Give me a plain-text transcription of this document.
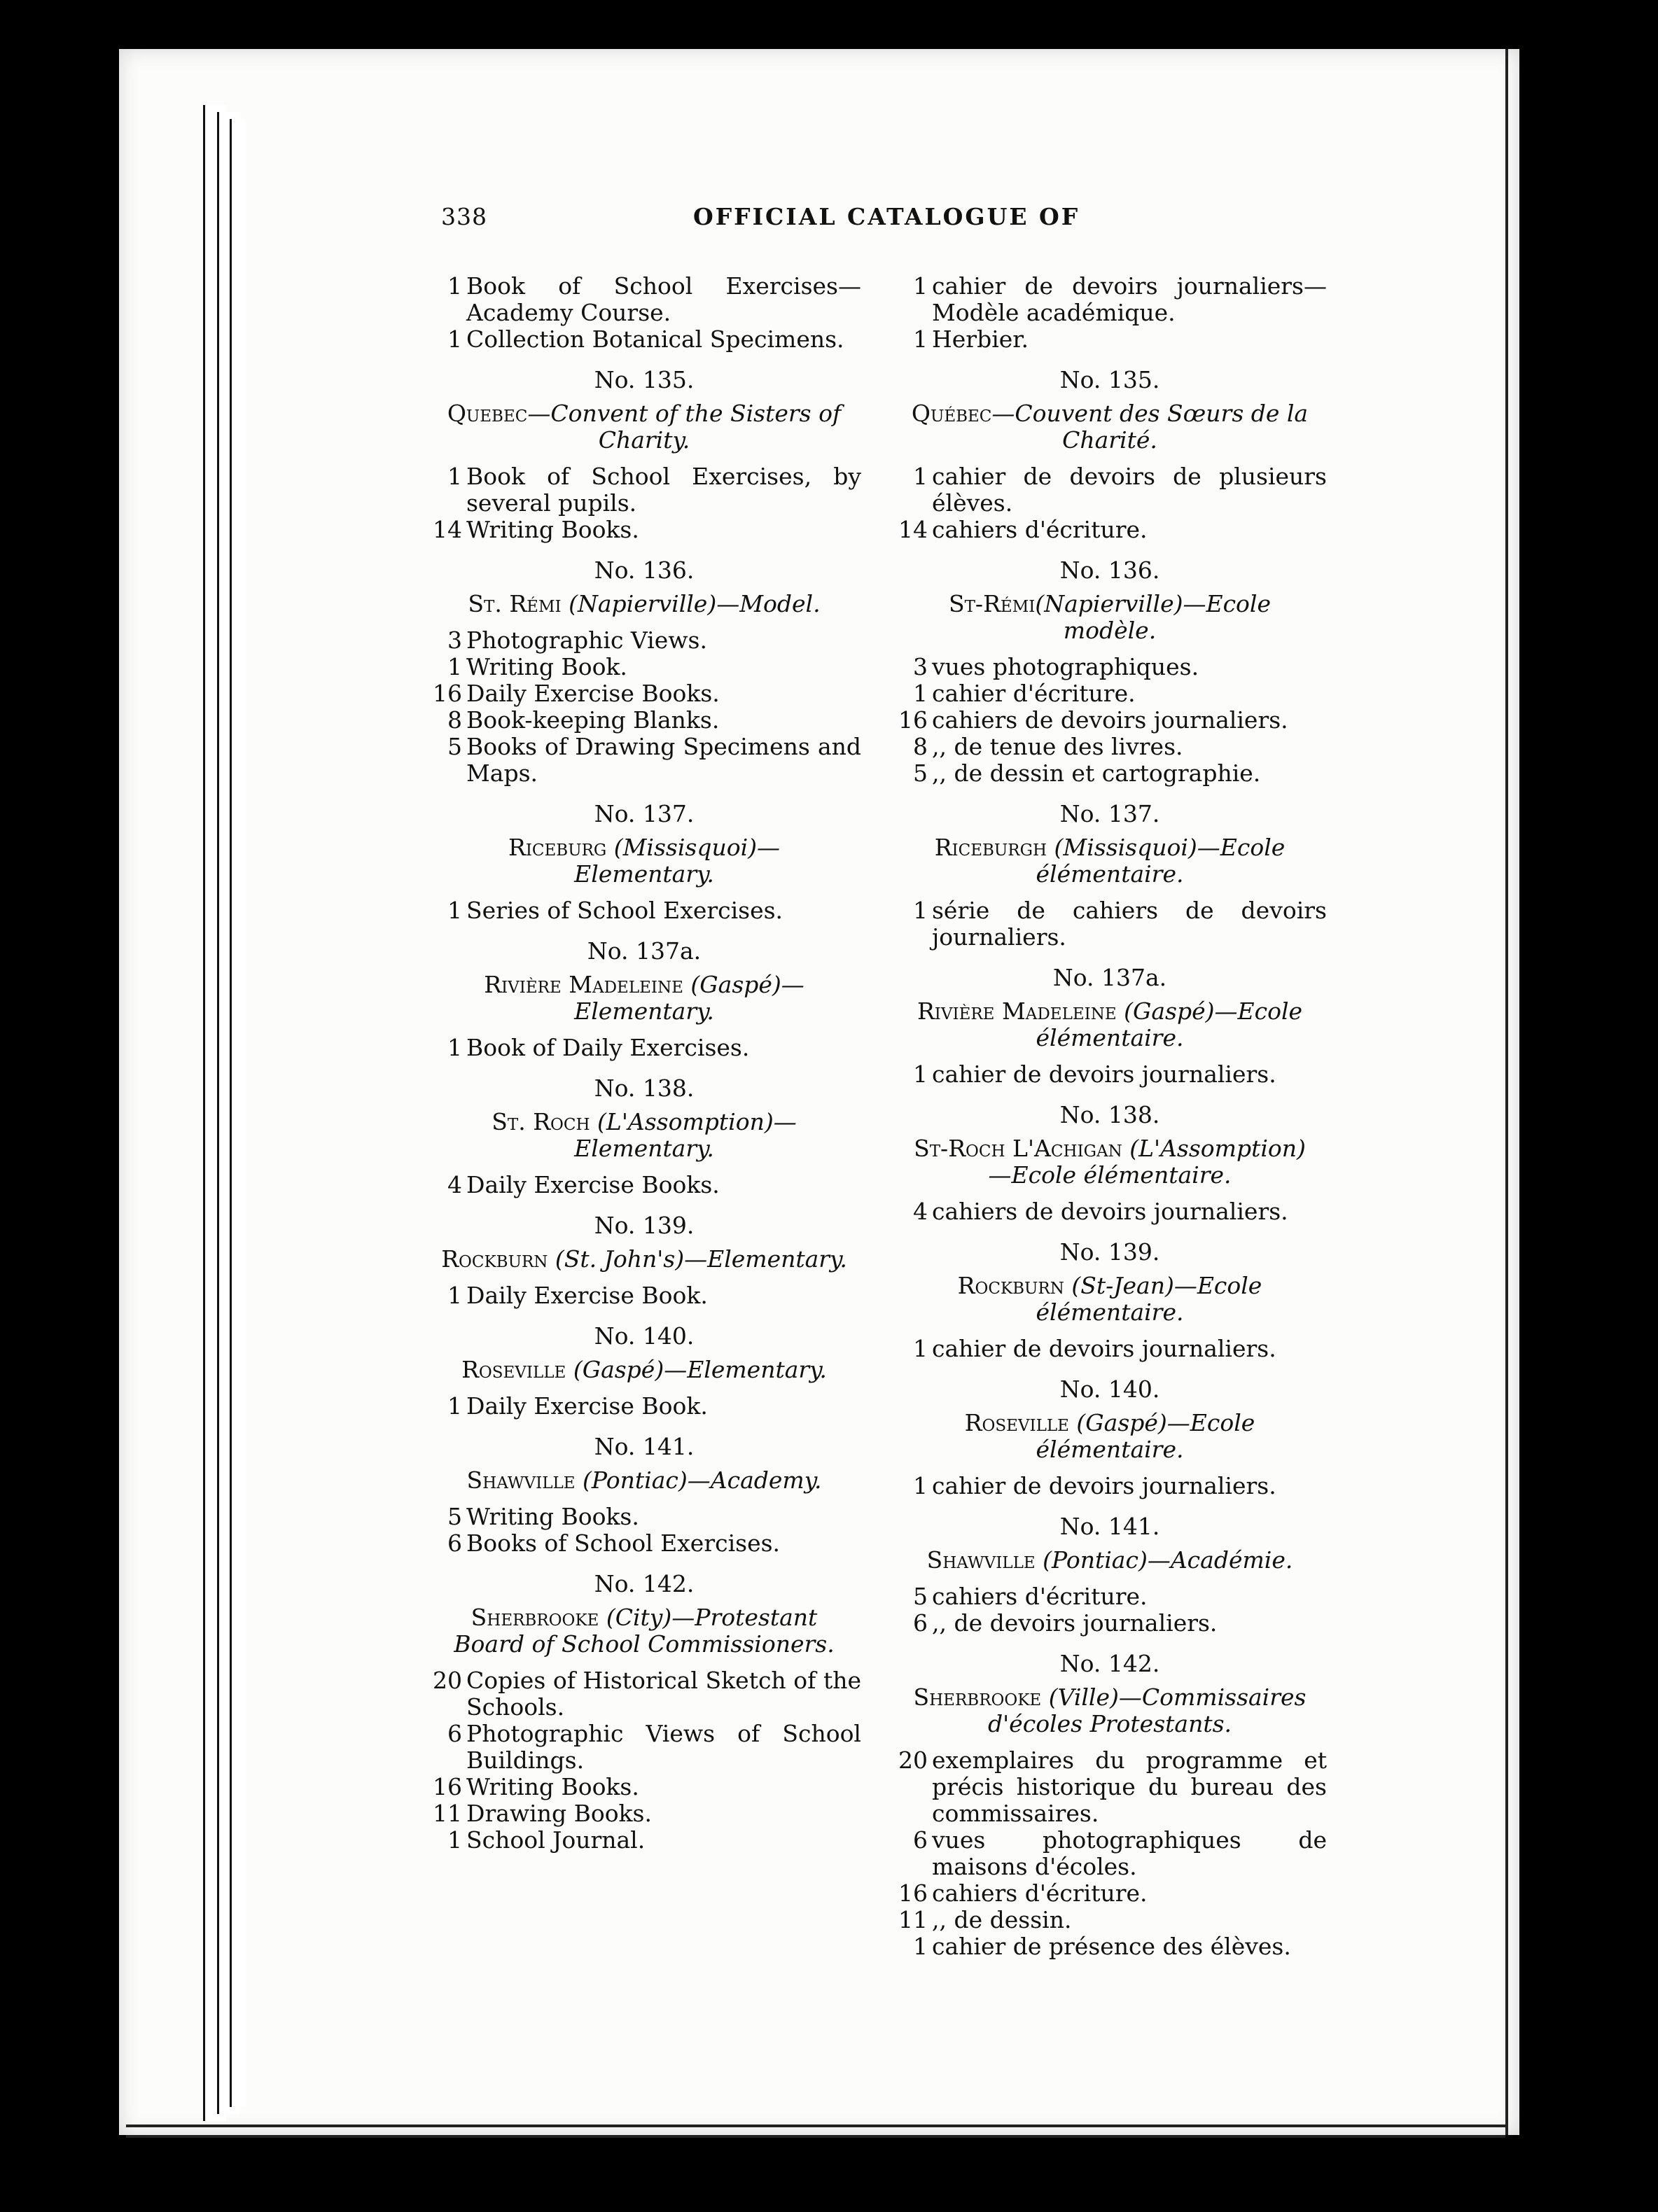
338	OFFICIAL CATALOGUE OF
1 Book of School Exercises—Academy Course.
1 Collection Botanical Specimens.
No. 135.
Quebec—Convent of the Sisters of Charity.
1 Book of School Exercises, by several pupils.
14 Writing Books.
No. 136.
St. Rémi (Napierville)—Model.
3 Photographic Views.
1 Writing Book.
16 Daily Exercise Books.
8 Book-keeping Blanks.
5 Books of Drawing Specimens and Maps.
No. 137.
Riceburg (Missisquoi)—Elementary.
1 Series of School Exercises.
No. 137a.
Rivière Madeleine (Gaspé)—Elementary.
1 Book of Daily Exercises.
No. 138.
St. Roch (L'Assomption)—Elementary.
4 Daily Exercise Books.
No. 139.
Rockburn (St. John's)—Elementary.
1 Daily Exercise Book.
No. 140.
Roseville (Gaspé)—Elementary.
1 Daily Exercise Book.
No. 141.
Shawville (Pontiac)—Academy.
5 Writing Books.
6 Books of School Exercises.
No. 142.
Sherbrooke (City)—Protestant Board of School Commissioners.
20 Copies of Historical Sketch of the Schools.
6 Photographic Views of School Buildings.
16 Writing Books.
11 Drawing Books.
1 School Journal.
1 cahier de devoirs journaliers—Modèle académique.
1 Herbier.
No. 135.
Québec—Couvent des Sœurs de la Charité.
1 cahier de devoirs de plusieurs élèves.
14 cahiers d'écriture.
No. 136.
St-Rémi(Napierville)—Ecole modèle.
3 vues photographiques.
1 cahier d'écriture.
16 cahiers de devoirs journaliers.
8 ,, de tenue des livres.
5 ,, de dessin et cartographie.
No. 137.
Riceburgh (Missisquoi)—Ecole élémentaire.
1 série de cahiers de devoirs journaliers.
No. 137a.
Rivière Madeleine (Gaspé)—Ecole élémentaire.
1 cahier de devoirs journaliers.
No. 138.
St-Roch L'Achigan (L'Assomption)—Ecole élémentaire.
4 cahiers de devoirs journaliers.
No. 139.
Rockburn (St-Jean)—Ecole élémentaire.
1 cahier de devoirs journaliers.
No. 140.
Roseville (Gaspé)—Ecole élémentaire.
1 cahier de devoirs journaliers.
No. 141.
Shawville (Pontiac)—Académie.
5 cahiers d'écriture.
6 ,, de devoirs journaliers.
No. 142.
Sherbrooke (Ville)—Commissaires d'écoles Protestants.
20 exemplaires du programme et précis historique du bureau des commissaires.
6 vues photographiques de maisons d'écoles.
16 cahiers d'écriture.
11 ,, de dessin.
1 cahier de présence des élèves.
